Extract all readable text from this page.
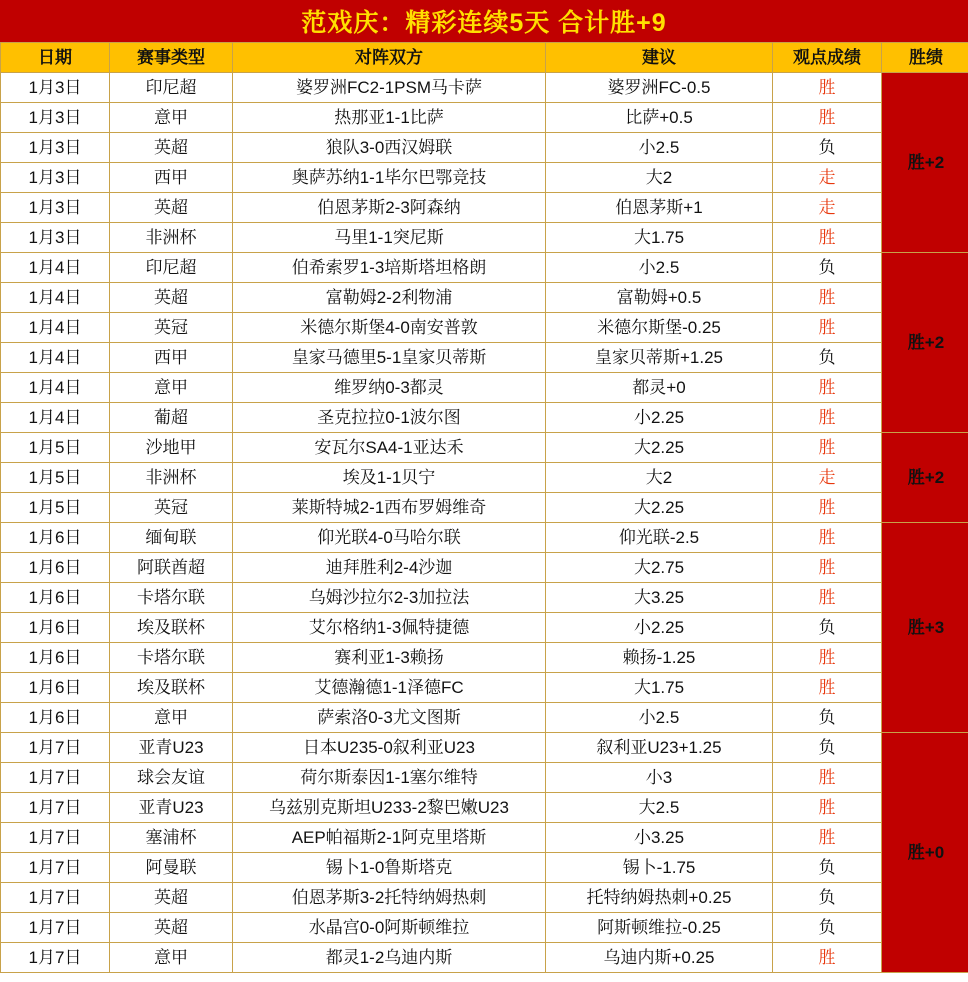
范戏庆：精彩连续5天 合计胜+9
日期	赛事类型	对阵双方	建议	观点成绩	胜绩
1月3日	印尼超	婆罗洲FC2-1PSM马卡萨	婆罗洲FC-0.5	胜	胜+2
1月3日	意甲	热那亚1-1比萨	比萨+0.5	胜	
1月3日	英超	狼队3-0西汉姆联	小2.5	负	
1月3日	西甲	奥萨苏纳1-1毕尔巴鄂竞技	大2	走	
1月3日	英超	伯恩茅斯2-3阿森纳	伯恩茅斯+1	走	
1月3日	非洲杯	马里1-1突尼斯	大1.75	胜	
1月4日	印尼超	伯希索罗1-3培斯塔坦格朗	小2.5	负	胜+2
1月4日	英超	富勒姆2-2利物浦	富勒姆+0.5	胜	
1月4日	英冠	米德尔斯堡4-0南安普敦	米德尔斯堡-0.25	胜	
1月4日	西甲	皇家马德里5-1皇家贝蒂斯	皇家贝蒂斯+1.25	负	
1月4日	意甲	维罗纳0-3都灵	都灵+0	胜	
1月4日	葡超	圣克拉拉0-1波尔图	小2.25	胜	
1月5日	沙地甲	安瓦尔SA4-1亚达禾	大2.25	胜	胜+2
1月5日	非洲杯	埃及1-1贝宁	大2	走	
1月5日	英冠	莱斯特城2-1西布罗姆维奇	大2.25	胜	
1月6日	缅甸联	仰光联4-0马哈尔联	仰光联-2.5	胜	胜+3
1月6日	阿联酋超	迪拜胜利2-4沙迦	大2.75	胜	
1月6日	卡塔尔联	乌姆沙拉尔2-3加拉法	大3.25	胜	
1月6日	埃及联杯	艾尔格纳1-3佩特捷德	小2.25	负	
1月6日	卡塔尔联	赛利亚1-3赖扬	赖扬-1.25	胜	
1月6日	埃及联杯	艾德瀚德1-1泽德FC	大1.75	胜	
1月6日	意甲	萨索洛0-3尤文图斯	小2.5	负	
1月7日	亚青U23	日本U235-0叙利亚U23	叙利亚U23+1.25	负	胜+0
1月7日	球会友谊	荷尔斯泰因1-1塞尔维特	小3	胜	
1月7日	亚青U23	乌兹别克斯坦U233-2黎巴嫩U23	大2.5	胜	
1月7日	塞浦杯	AEP帕福斯2-1阿克里塔斯	小3.25	胜	
1月7日	阿曼联	锡卜1-0鲁斯塔克	锡卜-1.75	负	
1月7日	英超	伯恩茅斯3-2托特纳姆热刺	托特纳姆热刺+0.25	负	
1月7日	英超	水晶宫0-0阿斯顿维拉	阿斯顿维拉-0.25	负	
1月7日	意甲	都灵1-2乌迪内斯	乌迪内斯+0.25	胜	
